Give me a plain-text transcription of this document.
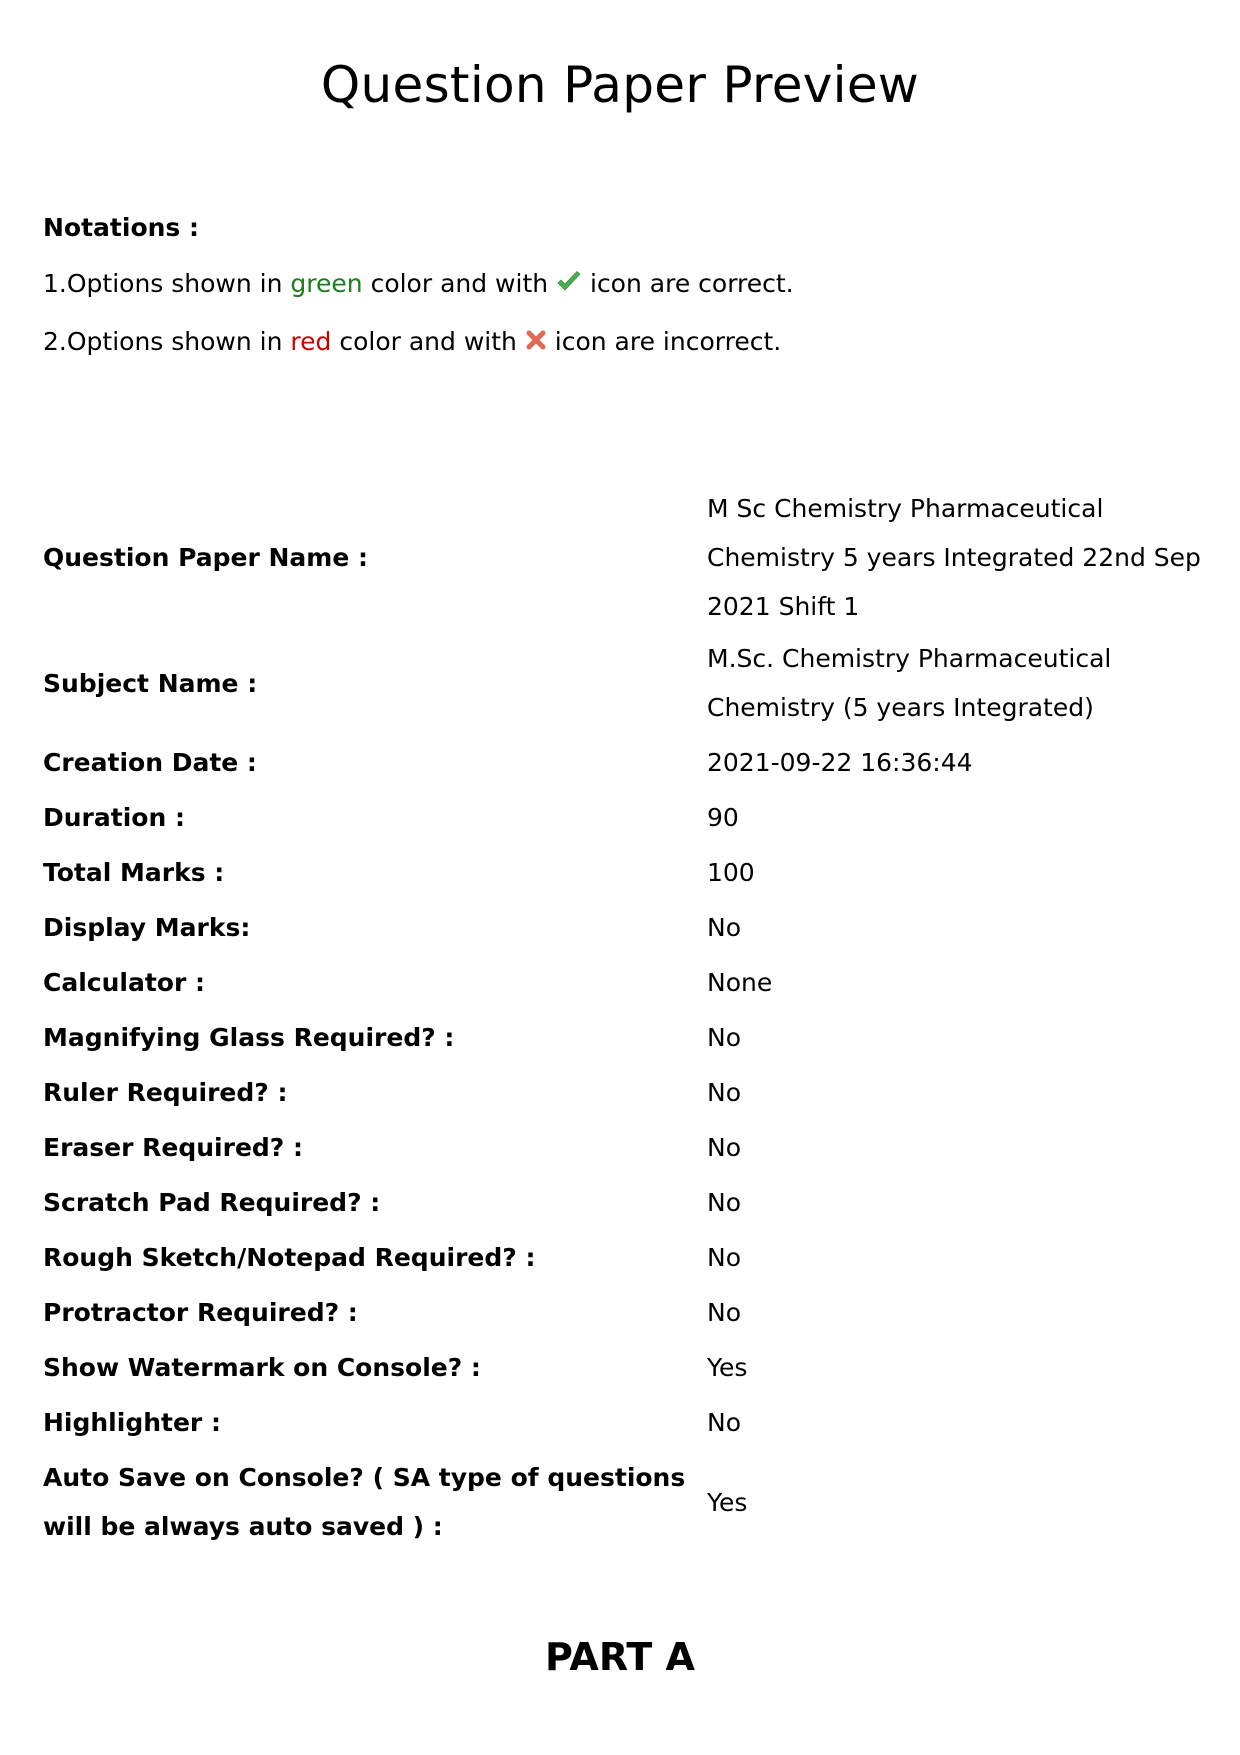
Question Paper Preview
Notations :
1.Options shown in green color and with  icon are correct.
2.Options shown in red color and with  icon are incorrect.
Question Paper Name :	M Sc Chemistry Pharmaceutical Chemistry 5 years Integrated 22nd Sep 2021 Shift 1
Subject Name :	M.Sc. Chemistry Pharmaceutical Chemistry (5 years Integrated)
Creation Date :	2021-09-22 16:36:44
Duration :	90
Total Marks :	100
Display Marks:	No
Calculator :	None
Magnifying Glass Required? :	No
Ruler Required? :	No
Eraser Required? :	No
Scratch Pad Required? :	No
Rough Sketch/Notepad Required? :	No
Protractor Required? :	No
Show Watermark on Console? :	Yes
Highlighter :	No
Auto Save on Console? ( SA type of questions will be always auto saved ) :	Yes
PART A
